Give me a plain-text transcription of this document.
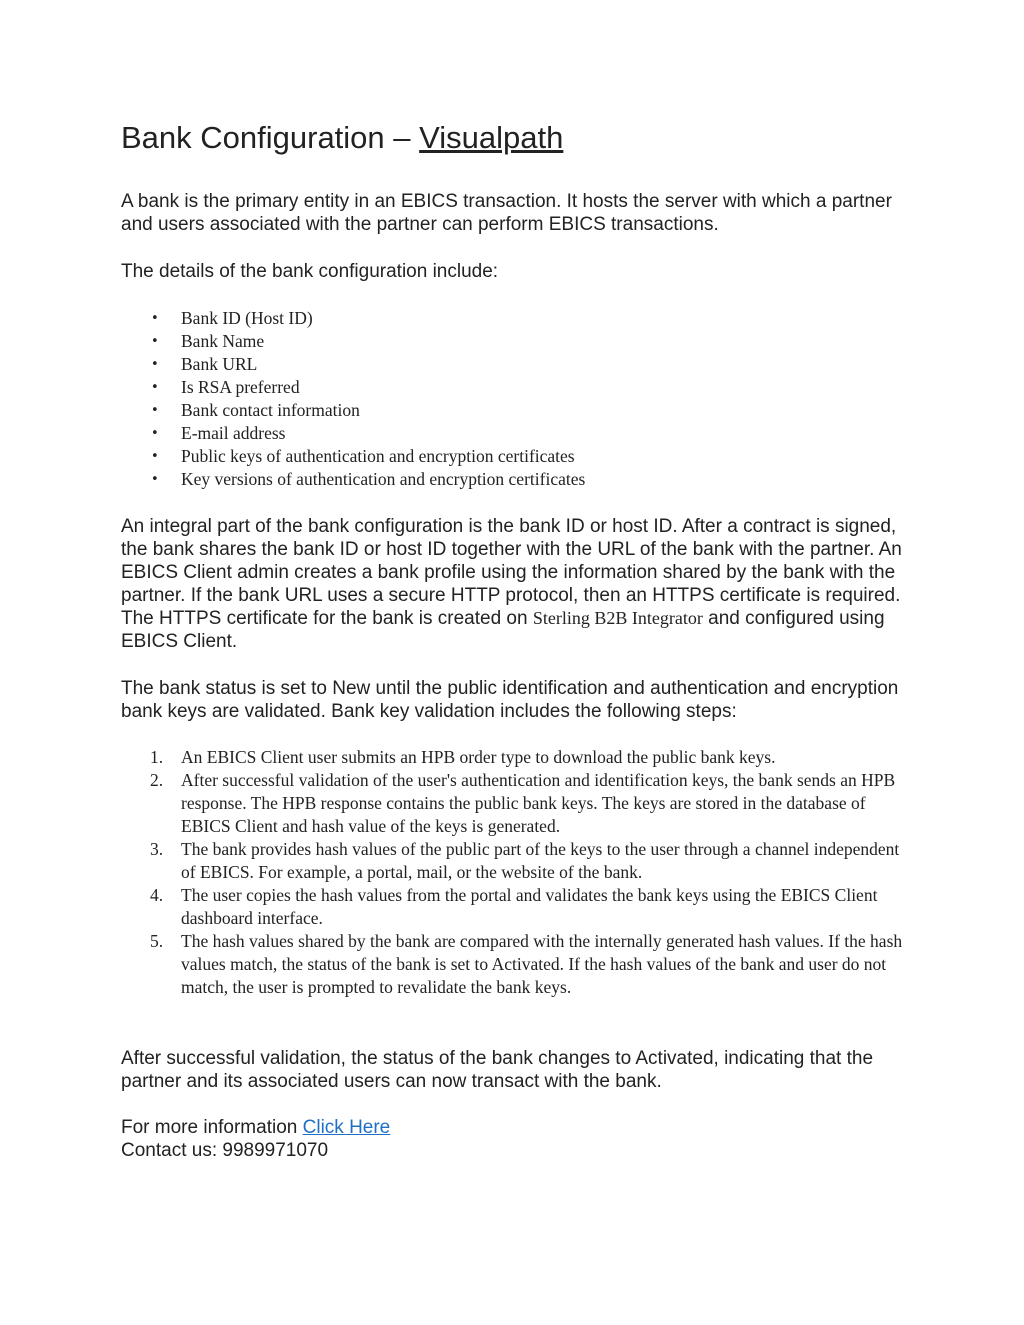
Bank Configuration – Visualpath

A bank is the primary entity in an EBICS transaction. It hosts the server with which a partner and users associated with the partner can perform EBICS transactions.

The details of the bank configuration include:

• Bank ID (Host ID)
• Bank Name
• Bank URL
• Is RSA preferred
• Bank contact information
• E-mail address
• Public keys of authentication and encryption certificates
• Key versions of authentication and encryption certificates

An integral part of the bank configuration is the bank ID or host ID. After a contract is signed, the bank shares the bank ID or host ID together with the URL of the bank with the partner. An EBICS Client admin creates a bank profile using the information shared by the bank with the partner. If the bank URL uses a secure HTTP protocol, then an HTTPS certificate is required. The HTTPS certificate for the bank is created on Sterling B2B Integrator and configured using EBICS Client.

The bank status is set to New until the public identification and authentication and encryption bank keys are validated. Bank key validation includes the following steps:

1. An EBICS Client user submits an HPB order type to download the public bank keys.
2. After successful validation of the user's authentication and identification keys, the bank sends an HPB response. The HPB response contains the public bank keys. The keys are stored in the database of EBICS Client and hash value of the keys is generated.
3. The bank provides hash values of the public part of the keys to the user through a channel independent of EBICS. For example, a portal, mail, or the website of the bank.
4. The user copies the hash values from the portal and validates the bank keys using the EBICS Client dashboard interface.
5. The hash values shared by the bank are compared with the internally generated hash values. If the hash values match, the status of the bank is set to Activated. If the hash values of the bank and user do not match, the user is prompted to revalidate the bank keys.

After successful validation, the status of the bank changes to Activated, indicating that the partner and its associated users can now transact with the bank.

For more information Click Here

Contact us: 9989971070
